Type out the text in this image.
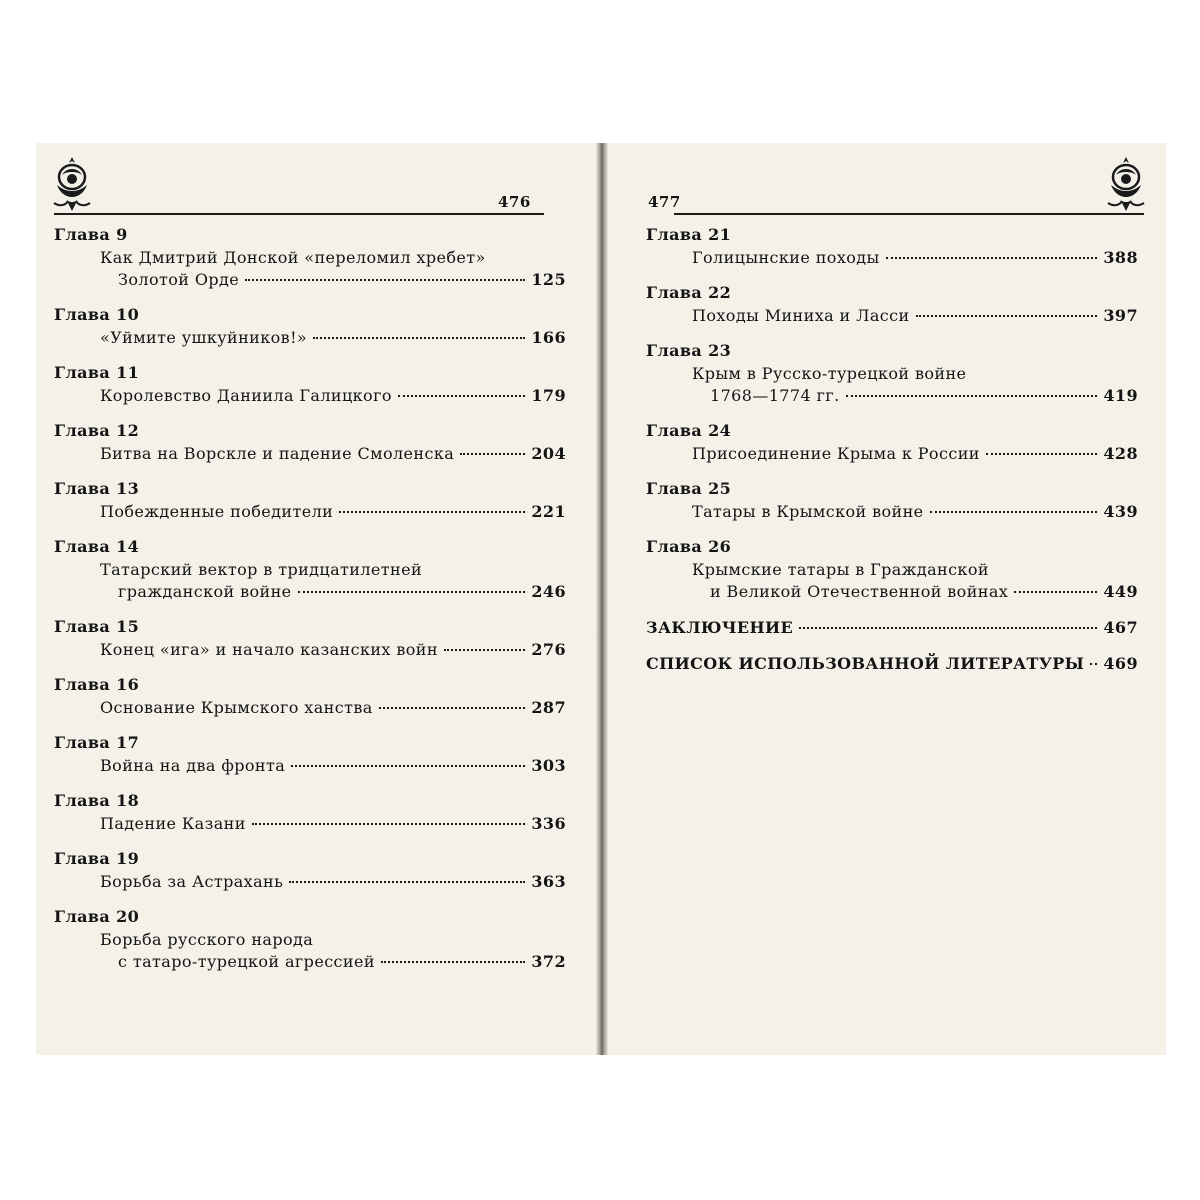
476
Глава 9
Как Дмитрий Донской «переломил хребет»
Золотой Орде	125
Глава 10
«Уймите ушкуйников!»	166
Глава 11
Королевство Даниила Галицкого	179
Глава 12
Битва на Ворскле и падение Смоленска	204
Глава 13
Побежденные победители	221
Глава 14
Татарский вектор в тридцатилетней
гражданской войне	246
Глава 15
Конец «ига» и начало казанских войн	276
Глава 16
Основание Крымского ханства	287
Глава 17
Война на два фронта	303
Глава 18
Падение Казани	336
Глава 19
Борьба за Астрахань	363
Глава 20
Борьба русского народа
с татаро-турецкой агрессией	372
477
Глава 21
Голицынские походы	388
Глава 22
Походы Миниха и Ласси	397
Глава 23
Крым в Русско-турецкой войне
1768—1774 гг.	419
Глава 24
Присоединение Крыма к России	428
Глава 25
Татары в Крымской войне	439
Глава 26
Крымские татары в Гражданской
и Великой Отечественной войнах	449
ЗАКЛЮЧЕНИЕ	467
СПИСОК ИСПОЛЬЗОВАННОЙ ЛИТЕРАТУРЫ 469
